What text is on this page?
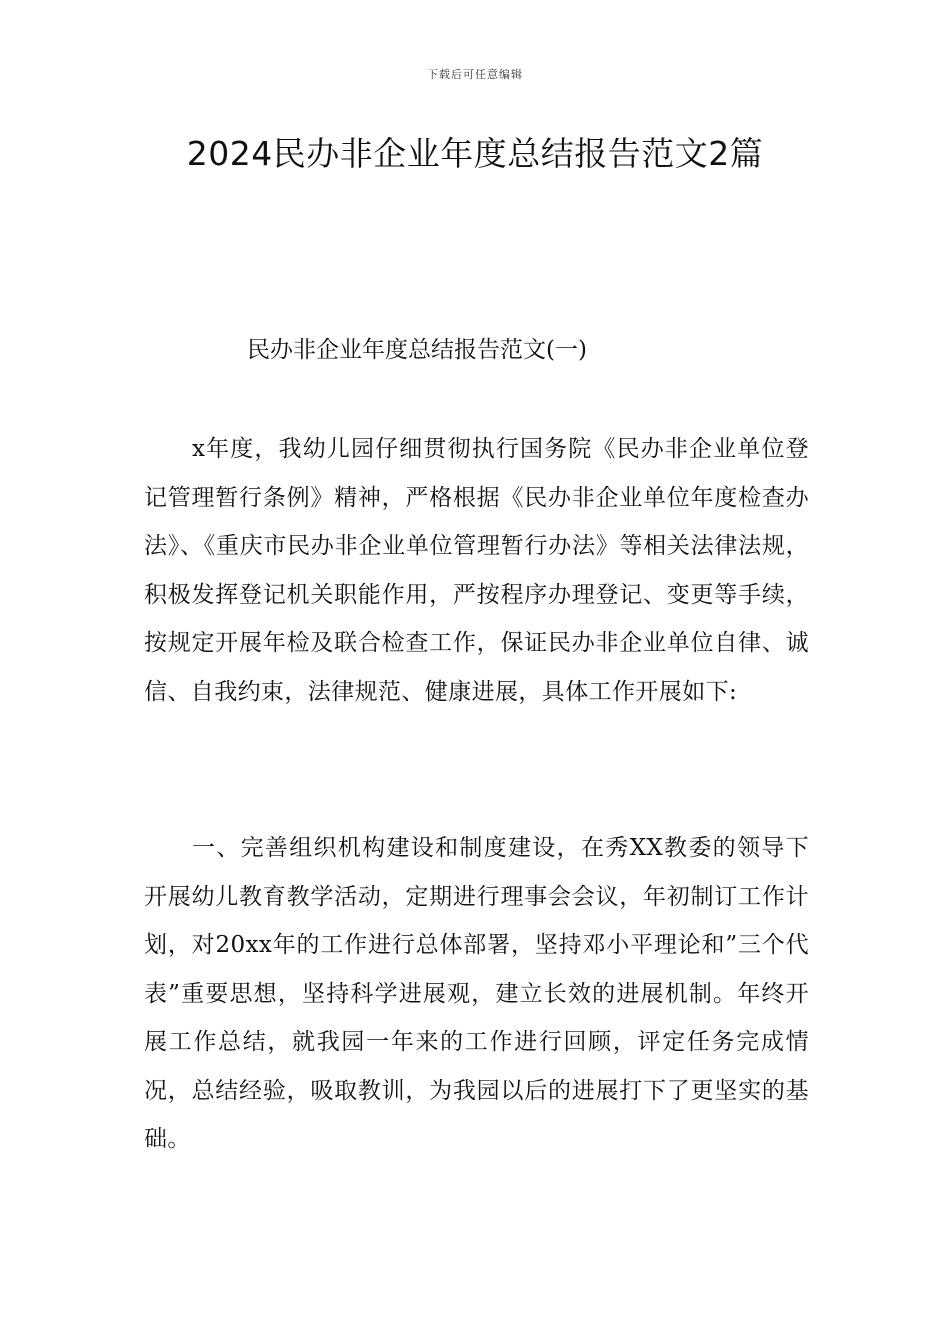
下载后可任意编辑
2024民办非企业年度总结报告范文2篇
民办非企业年度总结报告范文(一)

x年度，我幼儿园仔细贯彻执行国务院《民办非企业单位登记管理暂行条例》精神，严格根据《民办非企业单位年度检查办法》、《重庆市民办非企业单位管理暂行办法》等相关法律法规，积极发挥登记机关职能作用，严按程序办理登记、变更等手续，按规定开展年检及联合检查工作，保证民办非企业单位自律、诚信、自我约束，法律规范、健康进展，具体工作开展如下:

一、完善组织机构建设和制度建设，在秀XX教委的领导下开展幼儿教育教学活动，定期进行理事会会议，年初制订工作计划，对20xx年的工作进行总体部署，坚持邓小平理论和”三个代表”重要思想，坚持科学进展观，建立长效的进展机制。年终开展工作总结，就我园一年来的工作进行回顾，评定任务完成情况，总结经验，吸取教训，为我园以后的进展打下了更坚实的基础。
